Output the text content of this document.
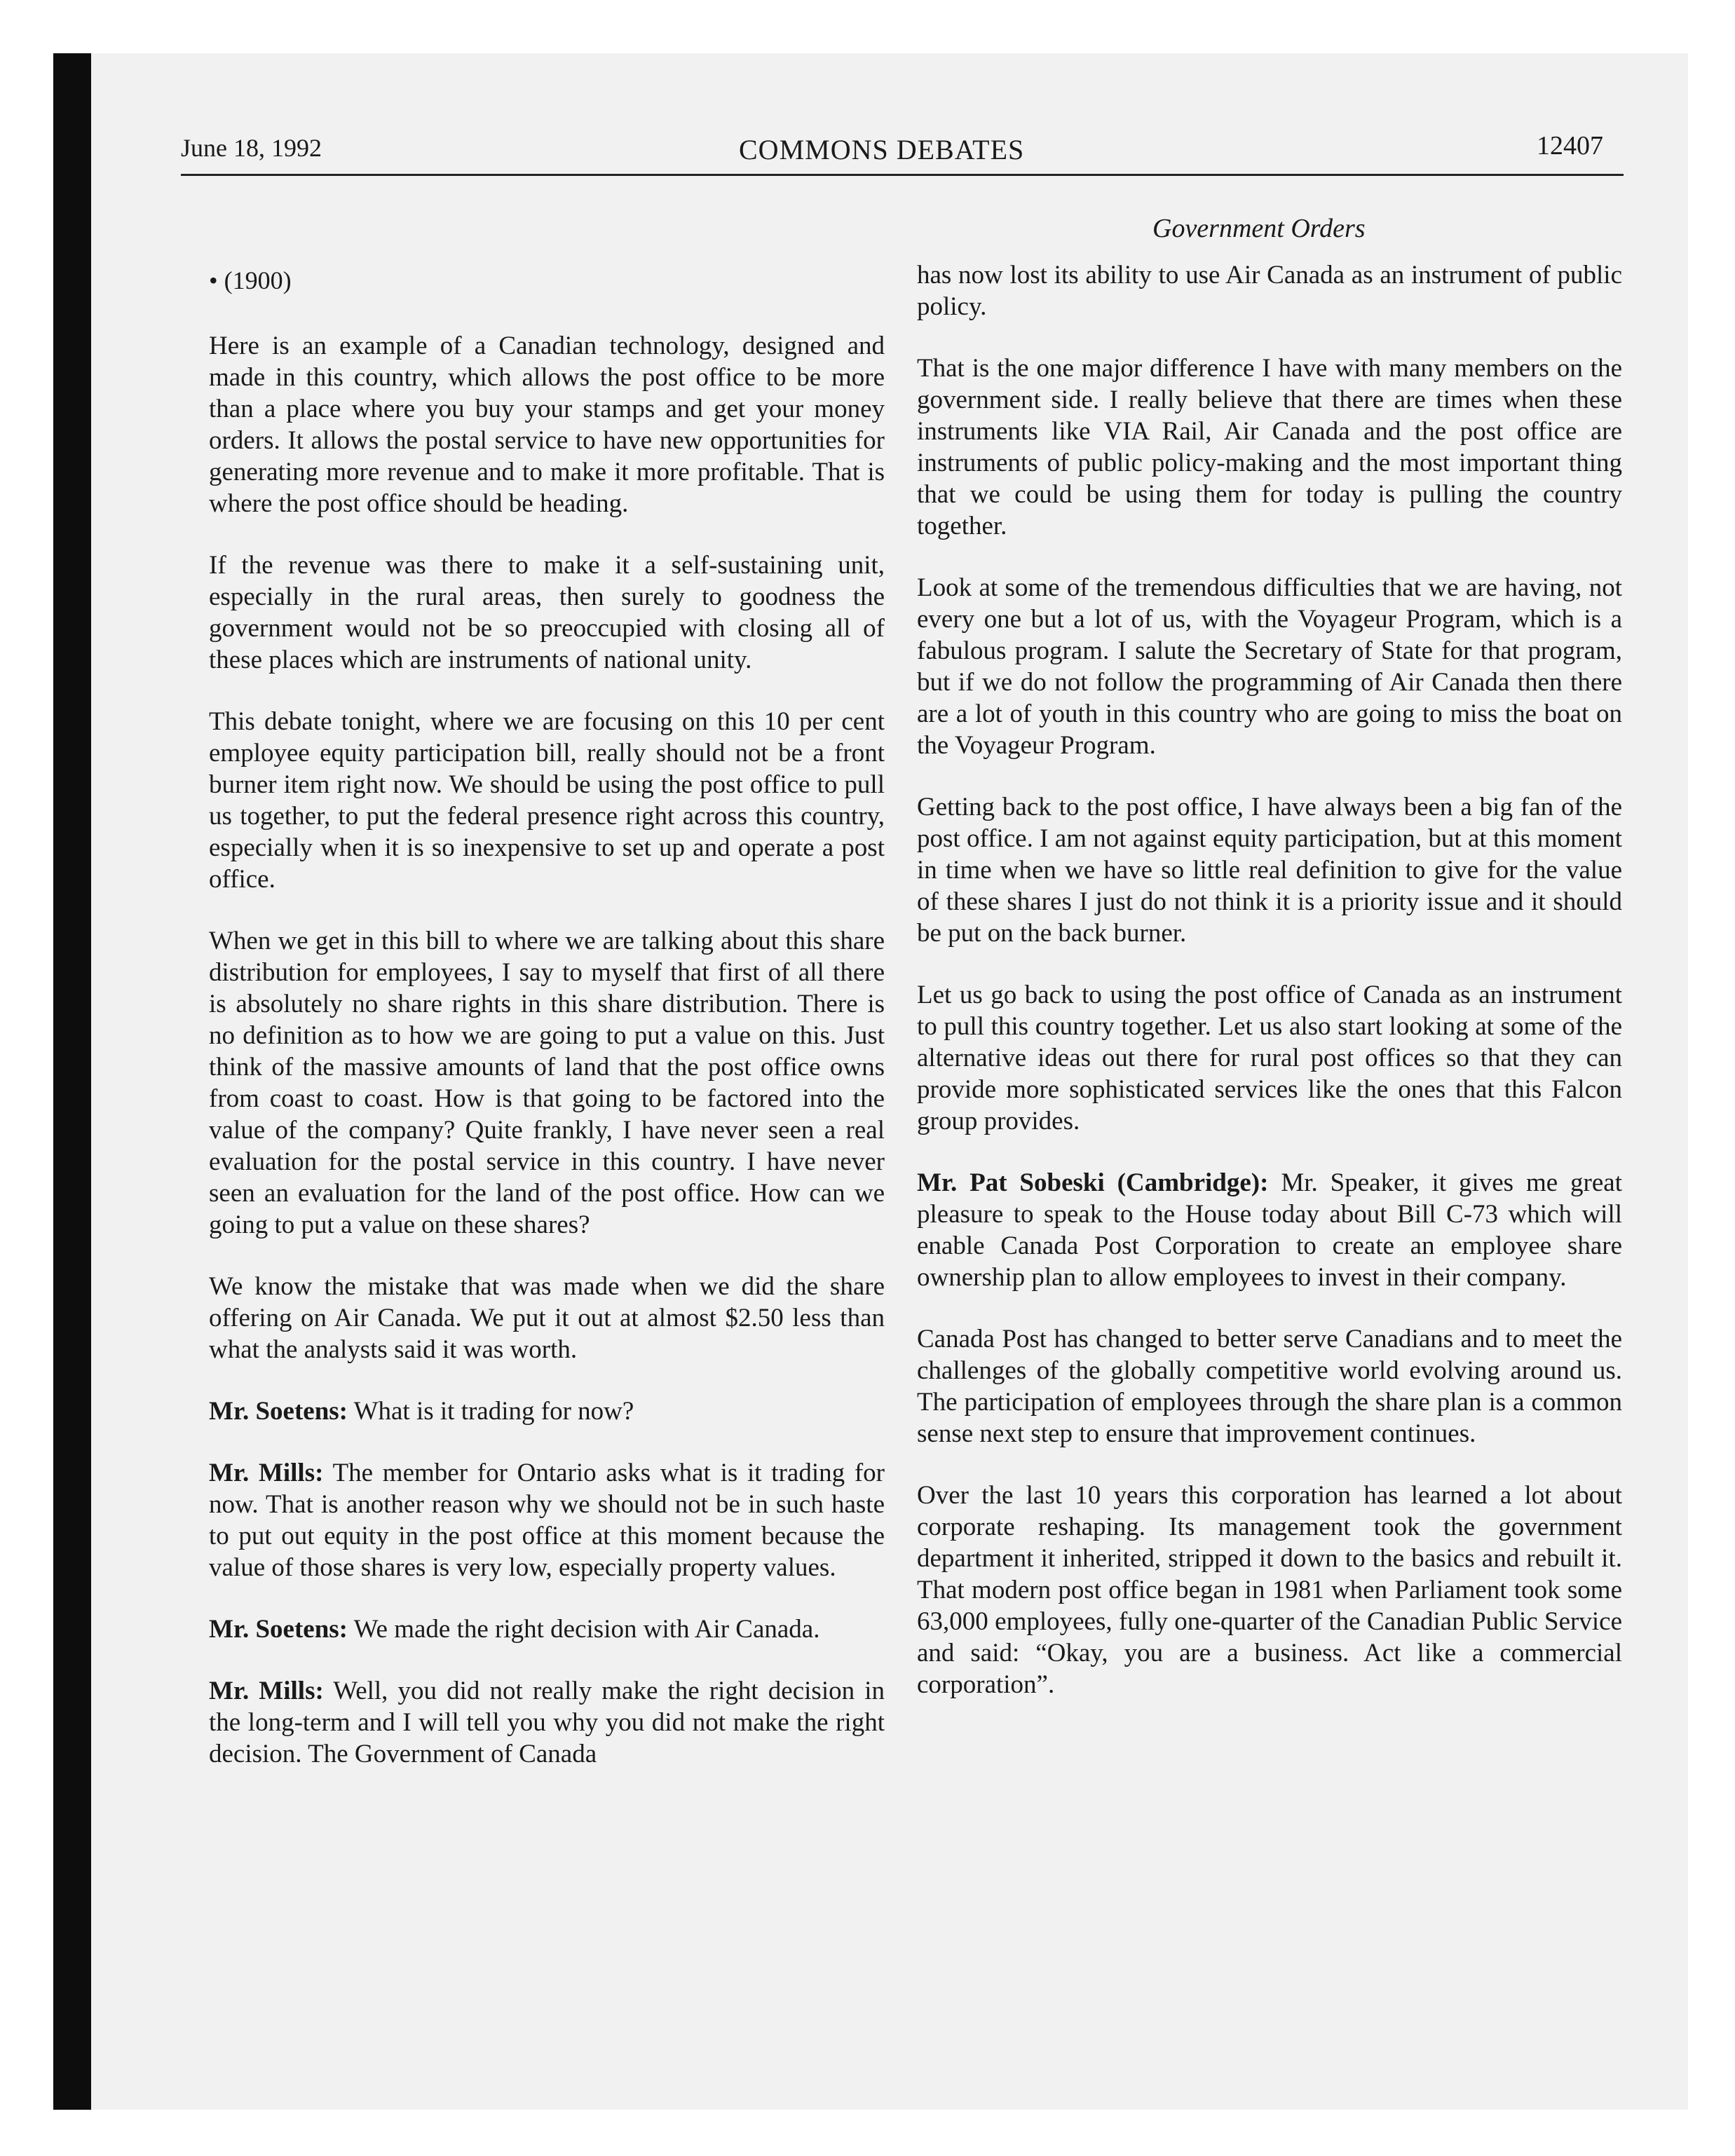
June 18, 1992	COMMONS DEBATES	12407
Government Orders
• (1900)

Here is an example of a Canadian technology, designed and made in this country, which allows the post office to be more than a place where you buy your stamps and get your money orders. It allows the postal service to have new opportunities for generating more revenue and to make it more profitable. That is where the post office should be heading.

If the revenue was there to make it a self-sustaining unit, especially in the rural areas, then surely to goodness the government would not be so preoccupied with closing all of these places which are instruments of national unity.

This debate tonight, where we are focusing on this 10 per cent employee equity participation bill, really should not be a front burner item right now. We should be using the post office to pull us together, to put the federal presence right across this country, especially when it is so inexpensive to set up and operate a post office.

When we get in this bill to where we are talking about this share distribution for employees, I say to myself that first of all there is absolutely no share rights in this share distribution. There is no definition as to how we are going to put a value on this. Just think of the massive amounts of land that the post office owns from coast to coast. How is that going to be factored into the value of the company? Quite frankly, I have never seen a real evaluation for the postal service in this country. I have never seen an evaluation for the land of the post office. How can we going to put a value on these shares?

We know the mistake that was made when we did the share offering on Air Canada. We put it out at almost $2.50 less than what the analysts said it was worth.

Mr. Soetens: What is it trading for now?

Mr. Mills: The member for Ontario asks what is it trading for now. That is another reason why we should not be in such haste to put out equity in the post office at this moment because the value of those shares is very low, especially property values.

Mr. Soetens: We made the right decision with Air Canada.

Mr. Mills: Well, you did not really make the right decision in the long-term and I will tell you why you did not make the right decision. The Government of Canada

has now lost its ability to use Air Canada as an instrument of public policy.

That is the one major difference I have with many members on the government side. I really believe that there are times when these instruments like VIA Rail, Air Canada and the post office are instruments of public policy-making and the most important thing that we could be using them for today is pulling the country together.

Look at some of the tremendous difficulties that we are having, not every one but a lot of us, with the Voyageur Program, which is a fabulous program. I salute the Secretary of State for that program, but if we do not follow the programming of Air Canada then there are a lot of youth in this country who are going to miss the boat on the Voyageur Program.

Getting back to the post office, I have always been a big fan of the post office. I am not against equity participation, but at this moment in time when we have so little real definition to give for the value of these shares I just do not think it is a priority issue and it should be put on the back burner.

Let us go back to using the post office of Canada as an instrument to pull this country together. Let us also start looking at some of the alternative ideas out there for rural post offices so that they can provide more sophisticated services like the ones that this Falcon group provides.

Mr. Pat Sobeski (Cambridge): Mr. Speaker, it gives me great pleasure to speak to the House today about Bill C-73 which will enable Canada Post Corporation to create an employee share ownership plan to allow employees to invest in their company.

Canada Post has changed to better serve Canadians and to meet the challenges of the globally competitive world evolving around us. The participation of employees through the share plan is a common sense next step to ensure that improvement continues.

Over the last 10 years this corporation has learned a lot about corporate reshaping. Its management took the government department it inherited, stripped it down to the basics and rebuilt it. That modern post office began in 1981 when Parliament took some 63,000 employees, fully one-quarter of the Canadian Public Service and said: “Okay, you are a business. Act like a commercial corporation”.
